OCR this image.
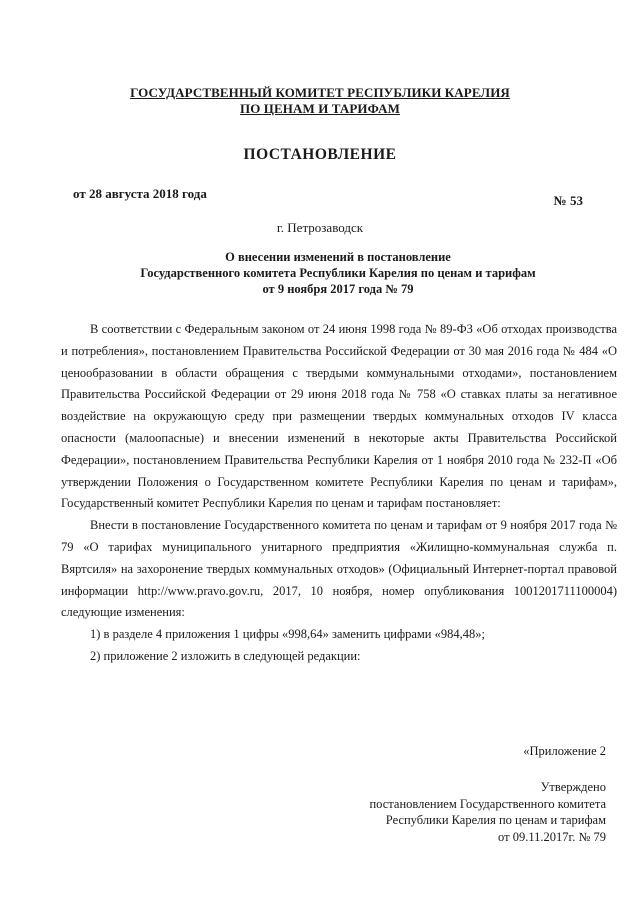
ГОСУДАРСТВЕННЫЙ КОМИТЕТ РЕСПУБЛИКИ КАРЕЛИЯ
ПО ЦЕНАМ И ТАРИФАМ
ПОСТАНОВЛЕНИЕ
от 28 августа 2018 года	№ 53
г. Петрозаводск
О внесении изменений в постановление
Государственного комитета Республики Карелия по ценам и тарифам
от 9 ноября 2017 года № 79

В соответствии с Федеральным законом от 24 июня 1998 года № 89-ФЗ «Об отходах производства и потребления», постановлением Правительства Российской Федерации от 30 мая 2016 года № 484 «О ценообразовании в области обращения с твердыми коммунальными отходами», постановлением Правительства Российской Федерации от 29 июня 2018 года № 758 «О ставках платы за негативное воздействие на окружающую среду при размещении твердых коммунальных отходов IV класса опасности (малоопасные) и внесении изменений в некоторые акты Правительства Российской Федерации», постановлением Правительства Республики Карелия от 1 ноября 2010 года № 232-П «Об утверждении Положения о Государственном комитете Республики Карелия по ценам и тарифам», Государственный комитет Республики Карелия по ценам и тарифам постановляет:

Внести в постановление Государственного комитета по ценам и тарифам от 9 ноября 2017 года № 79 «О тарифах муниципального унитарного предприятия «Жилищно-коммунальная служба п. Вяртсиля» на захоронение твердых коммунальных отходов» (Официальный Интернет-портал правовой информации http://www.pravo.gov.ru, 2017, 10 ноября, номер опубликования 1001201711100004) следующие изменения:

1) в разделе 4 приложения 1 цифры «998,64» заменить цифрами «984,48»;

2) приложение 2 изложить в следующей редакции:

«Приложение 2
Утверждено
постановлением Государственного комитета
Республики Карелия по ценам и тарифам
от 09.11.2017г. № 79
